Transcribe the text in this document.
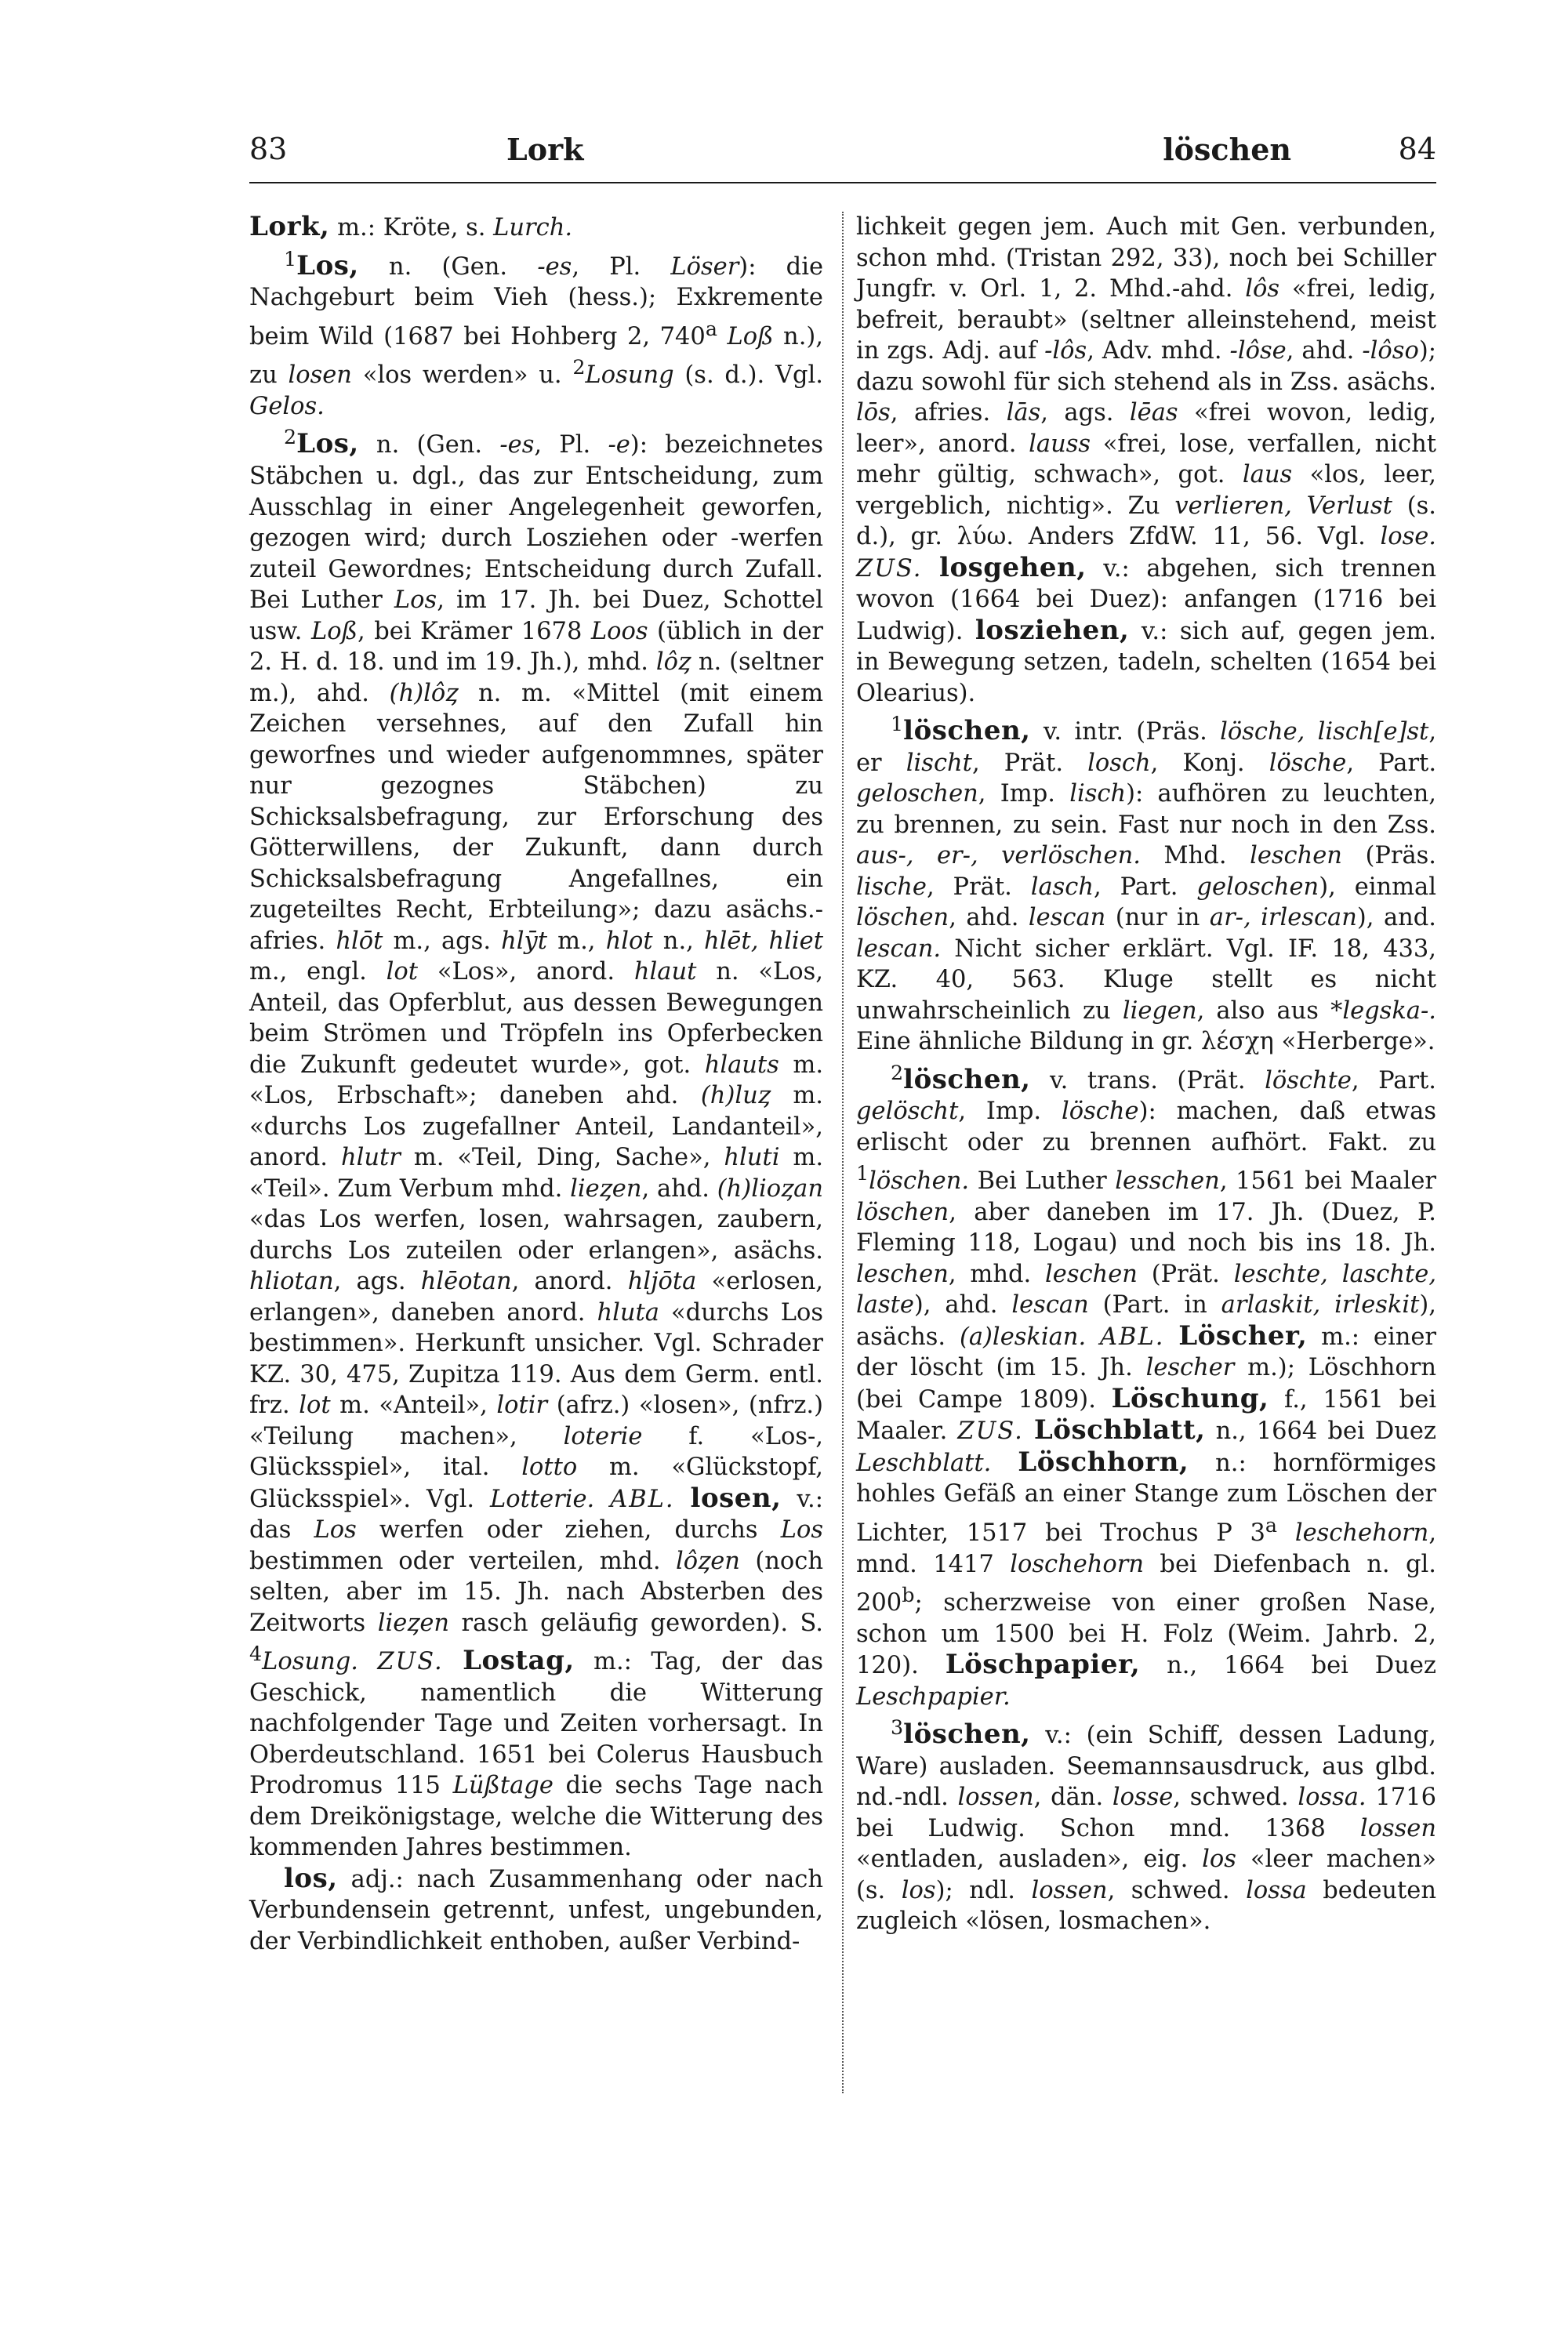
83	Lork	löschen	84

Lork, m.: Kröte, s. Lurch.

$^1$Los, n. (Gen. -es, Pl. Löser): die Nachgeburt beim Vieh (hess.); Exkremente beim Wild (1687 bei Hohberg 2, 740$^a$ Loß n.), zu losen «los werden» u. $^2$Losung (s. d.). Vgl. Gelos.

$^2$Los, n. (Gen. -es, Pl. -e): bezeichnetes Stäbchen u. dgl., das zur Entscheidung, zum Ausschlag in einer Angelegenheit geworfen, gezogen wird; durch Losziehen oder -werfen zuteil Gewordnes; Entscheidung durch Zufall. Bei Luther Los, im 17. Jh. bei Duez, Schottel usw. Loß, bei Krämer 1678 Loos (üblich in der 2. H. d. 18. und im 19. Jh.), mhd. lôȥ n. (seltner m.), ahd. (h)lôȥ n. m. «Mittel (mit einem Zeichen versehnes, auf den Zufall hin geworfnes und wieder aufgenommnes, später nur gezognes Stäbchen) zu Schicksalsbefragung, zur Erforschung des Götterwillens, der Zukunft, dann durch Schicksalsbefragung Angefallnes, ein zugeteiltes Recht, Erbteilung»; dazu asächs.-afries. hlōt m., ags. hlȳt m., hlot n., hlēt, hliet m., engl. lot «Los», anord. hlaut n. «Los, Anteil, das Opferblut, aus dessen Bewegungen beim Strömen und Tröpfeln ins Opferbecken die Zukunft gedeutet wurde», got. hlauts m. «Los, Erbschaft»; daneben ahd. (h)luȥ m. «durchs Los zugefallner Anteil, Landanteil», anord. hlutr m. «Teil, Ding, Sache», hluti m. «Teil». Zum Verbum mhd. lieȥen, ahd. (h)lioȥan «das Los werfen, losen, wahrsagen, zaubern, durchs Los zuteilen oder erlangen», asächs. hliotan, ags. hlēotan, anord. hljōta «erlosen, erlangen», daneben anord. hluta «durchs Los bestimmen». Herkunft unsicher. Vgl. Schrader KZ. 30, 475, Zupitza 119. Aus dem Germ. entl. frz. lot m. «Anteil», lotir (afrz.) «losen», (nfrz.) «Teilung machen», loterie f. «Los-, Glücksspiel», ital. lotto m. «Glückstopf, Glücksspiel». Vgl. Lotterie. ABL. losen, v.: das Los werfen oder ziehen, durchs Los bestimmen oder verteilen, mhd. lôȥen (noch selten, aber im 15. Jh. nach Absterben des Zeitworts lieȥen rasch geläufig geworden). S. $^4$Losung. ZUS. Lostag, m.: Tag, der das Geschick, namentlich die Witterung nachfolgender Tage und Zeiten vorhersagt. In Oberdeutschland. 1651 bei Colerus Hausbuch Prodromus 115 Lüßtage die sechs Tage nach dem Dreikönigstage, welche die Witterung des kommenden Jahres bestimmen.

los, adj.: nach Zusammenhang oder nach Verbundensein getrennt, unfest, ungebunden, der Verbindlichkeit enthoben, außer Verbind-

lichkeit gegen jem. Auch mit Gen. verbunden, schon mhd. (Tristan 292, 33), noch bei Schiller Jungfr. v. Orl. 1, 2. Mhd.-ahd. lôs «frei, ledig, befreit, beraubt» (seltner alleinstehend, meist in zgs. Adj. auf -lôs, Adv. mhd. -lôse, ahd. -lôso); dazu sowohl für sich stehend als in Zss. asächs. lōs, afries. lās, ags. lēas «frei wovon, ledig, leer», anord. lauss «frei, lose, verfallen, nicht mehr gültig, schwach», got. laus «los, leer, vergeblich, nichtig». Zu verlieren, Verlust (s. d.), gr. λύω. Anders ZfdW. 11, 56. Vgl. lose. ZUS. losgehen, v.: abgehen, sich trennen wovon (1664 bei Duez): anfangen (1716 bei Ludwig). losziehen, v.: sich auf, gegen jem. in Bewegung setzen, tadeln, schelten (1654 bei Olearius).

$^1$löschen, v. intr. (Präs. lösche, lisch[e]st, er lischt, Prät. losch, Konj. lösche, Part. geloschen, Imp. lisch): aufhören zu leuchten, zu brennen, zu sein. Fast nur noch in den Zss. aus-, er-, verlöschen. Mhd. leschen (Präs. lische, Prät. lasch, Part. geloschen), einmal löschen, ahd. lescan (nur in ar-, irlescan), and. lescan. Nicht sicher erklärt. Vgl. IF. 18, 433, KZ. 40, 563. Kluge stellt es nicht unwahrscheinlich zu liegen, also aus *legska-. Eine ähnliche Bildung in gr. λέσχη «Herberge».

$^2$löschen, v. trans. (Prät. löschte, Part. gelöscht, Imp. lösche): machen, daß etwas erlischt oder zu brennen aufhört. Fakt. zu $^1$löschen. Bei Luther lesschen, 1561 bei Maaler löschen, aber daneben im 17. Jh. (Duez, P. Fleming 118, Logau) und noch bis ins 18. Jh. leschen, mhd. leschen (Prät. leschte, laschte, laste), ahd. lescan (Part. in arlaskit, irleskit), asächs. (a)leskian. ABL. Löscher, m.: einer der löscht (im 15. Jh. lescher m.); Löschhorn (bei Campe 1809). Löschung, f., 1561 bei Maaler. ZUS. Löschblatt, n., 1664 bei Duez Leschblatt. Löschhorn, n.: hornförmiges hohles Gefäß an einer Stange zum Löschen der Lichter, 1517 bei Trochus P 3$^a$ leschehorn, mnd. 1417 loschehorn bei Diefenbach n. gl. 200$^b$; scherzweise von einer großen Nase, schon um 1500 bei H. Folz (Weim. Jahrb. 2, 120). Löschpapier, n., 1664 bei Duez Leschpapier.

$^3$löschen, v.: (ein Schiff, dessen Ladung, Ware) ausladen. Seemannsausdruck, aus glbd. nd.-ndl. lossen, dän. losse, schwed. lossa. 1716 bei Ludwig. Schon mnd. 1368 lossen «entladen, ausladen», eig. los «leer machen» (s. los); ndl. lossen, schwed. lossa bedeuten zugleich «lösen, losmachen».
